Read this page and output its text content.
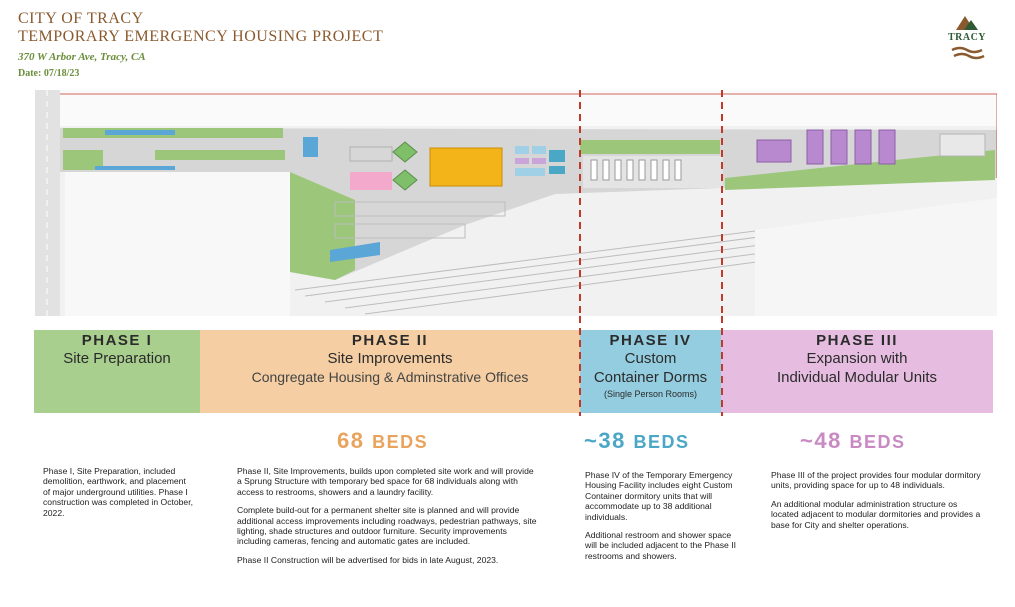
CITY OF TRACY
TEMPORARY EMERGENCY HOUSING PROJECT
370 W Arbor Ave, Tracy, CA
Date: 07/18/23
TRACY
PHASE I
Site Preparation
PHASE II
Site Improvements
Congregate Housing & Adminstrative Offices
PHASE IV
Custom
Container Dorms
(Single Person Rooms)
PHASE III
Expansion with
Individual Modular Units
68 BEDS	~38 BEDS	~48 BEDS

Phase I, Site Preparation, included demolition, earthwork, and placement of major underground utilities. Phase I construction was completed in October, 2022.

Phase II, Site Improvements, builds upon completed site work and will provide a Sprung Structure with temporary bed space for 68 individuals along with access to restrooms, showers and a laundry facility.

Complete build-out for a permanent shelter site is planned and will provide additional access improvements including roadways, pedestrian pathways, site lighting, shade structures and outdoor furniture. Security improvements including cameras, fencing and automatic gates are included.

Phase II Construction will be advertised for bids in late August, 2023.

Phase IV of the Temporary Emergency Housing Facility includes eight Custom Container dormitory units that will accommodate up to 38 additional individuals.

Additional restroom and shower space will be included adjacent to the Phase II restrooms and showers.

Phase III of the project provides four modular dormitory units, providing space for up to 48 individuals.

An additional modular administration structure os located adjacent to modular dormitories and provides a base for City and shelter operations.
